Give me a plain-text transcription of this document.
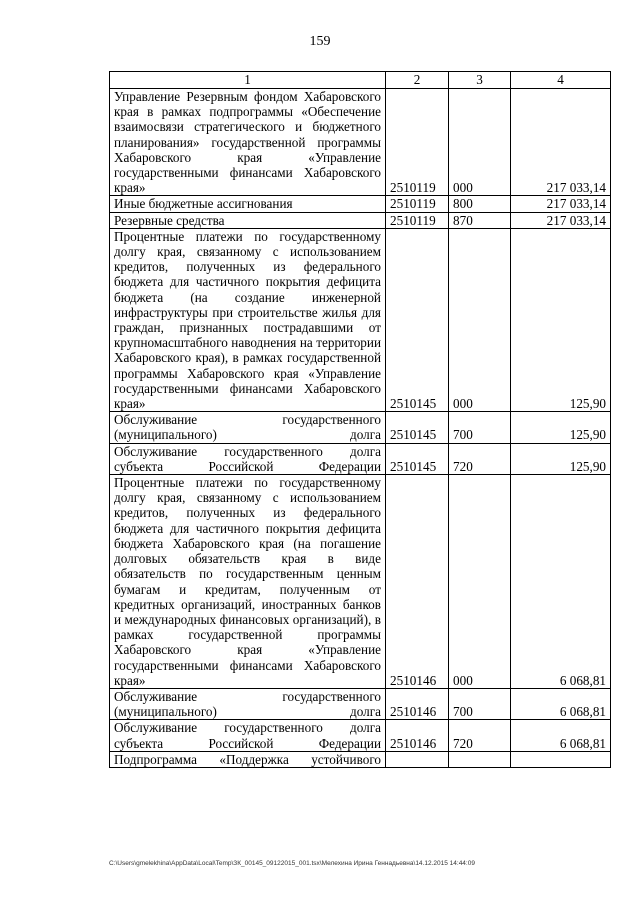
159
1	2	3	4
Управление Резервным фондом Хабаровского края в рамках подпрограммы «Обеспечение взаимосвязи стратегического и бюджетного планирования» государственной программы Хабаровского края «Управление государственными финансами Хабаровского края»	2510119	000	217 033,14
Иные бюджетные ассигнования	2510119	800	217 033,14
Резервные средства	2510119	870	217 033,14
Процентные платежи по государственному долгу края, связанному с использованием кредитов, полученных из федерального бюджета для частичного покрытия дефицита бюджета (на создание инженерной инфраструктуры при строительстве жилья для граждан, признанных пострадавшими от крупномасштабного наводнения на территории Хабаровского края), в рамках государственной программы Хабаровского края «Управление государственными финансами Хабаровского края»	2510145	000	125,90
Обслуживание государственного (муниципального) долга	2510145	700	125,90
Обслуживание государственного долга субъекта Российской Федерации	2510145	720	125,90
Процентные платежи по государственному долгу края, связанному с использованием кредитов, полученных из федерального бюджета для частичного покрытия дефицита бюджета Хабаровского края (на погашение долговых обязательств края в виде обязательств по государственным ценным бумагам и кредитам, полученным от кредитных организаций, иностранных банков и международных финансовых организаций), в рамках государственной программы Хабаровского края «Управление государственными финансами Хабаровского края»	2510146	000	6 068,81
Обслуживание государственного (муниципального) долга	2510146	700	6 068,81
Обслуживание государственного долга субъекта Российской Федерации	2510146	720	6 068,81
Подпрограмма «Поддержка устойчивого			
C:\Users\gmelekhina\AppData\Local\Temp\ЗК_00145_09122015_001.tsx\Мелехина Ирина Геннадьевна\14.12.2015 14:44:09
